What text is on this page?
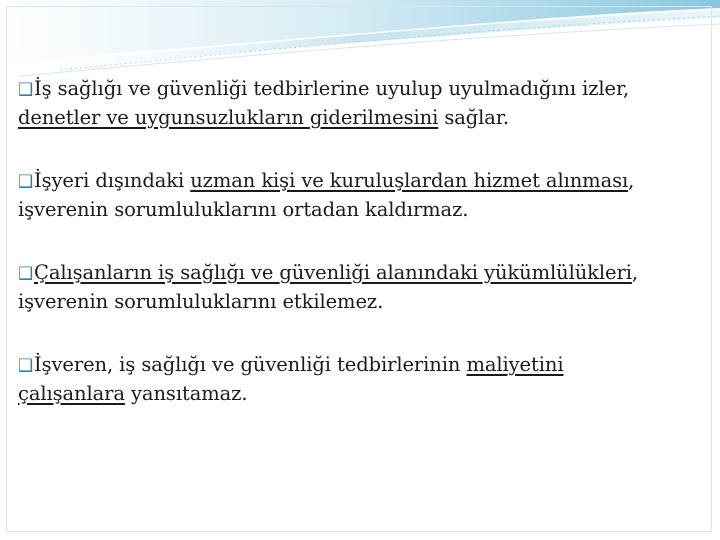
❑İş sağlığı ve güvenliği tedbirlerine uyulup uyulmadığını izler, denetler ve uygunsuzlukların giderilmesini sağlar.

❑İşyeri dışındaki uzman kişi ve kuruluşlardan hizmet alınması, işverenin sorumluluklarını ortadan kaldırmaz.

❑Çalışanların iş sağlığı ve güvenliği alanındaki yükümlülükleri, işverenin sorumluluklarını etkilemez.

❑İşveren, iş sağlığı ve güvenliği tedbirlerinin maliyetini çalışanlara yansıtamaz.
